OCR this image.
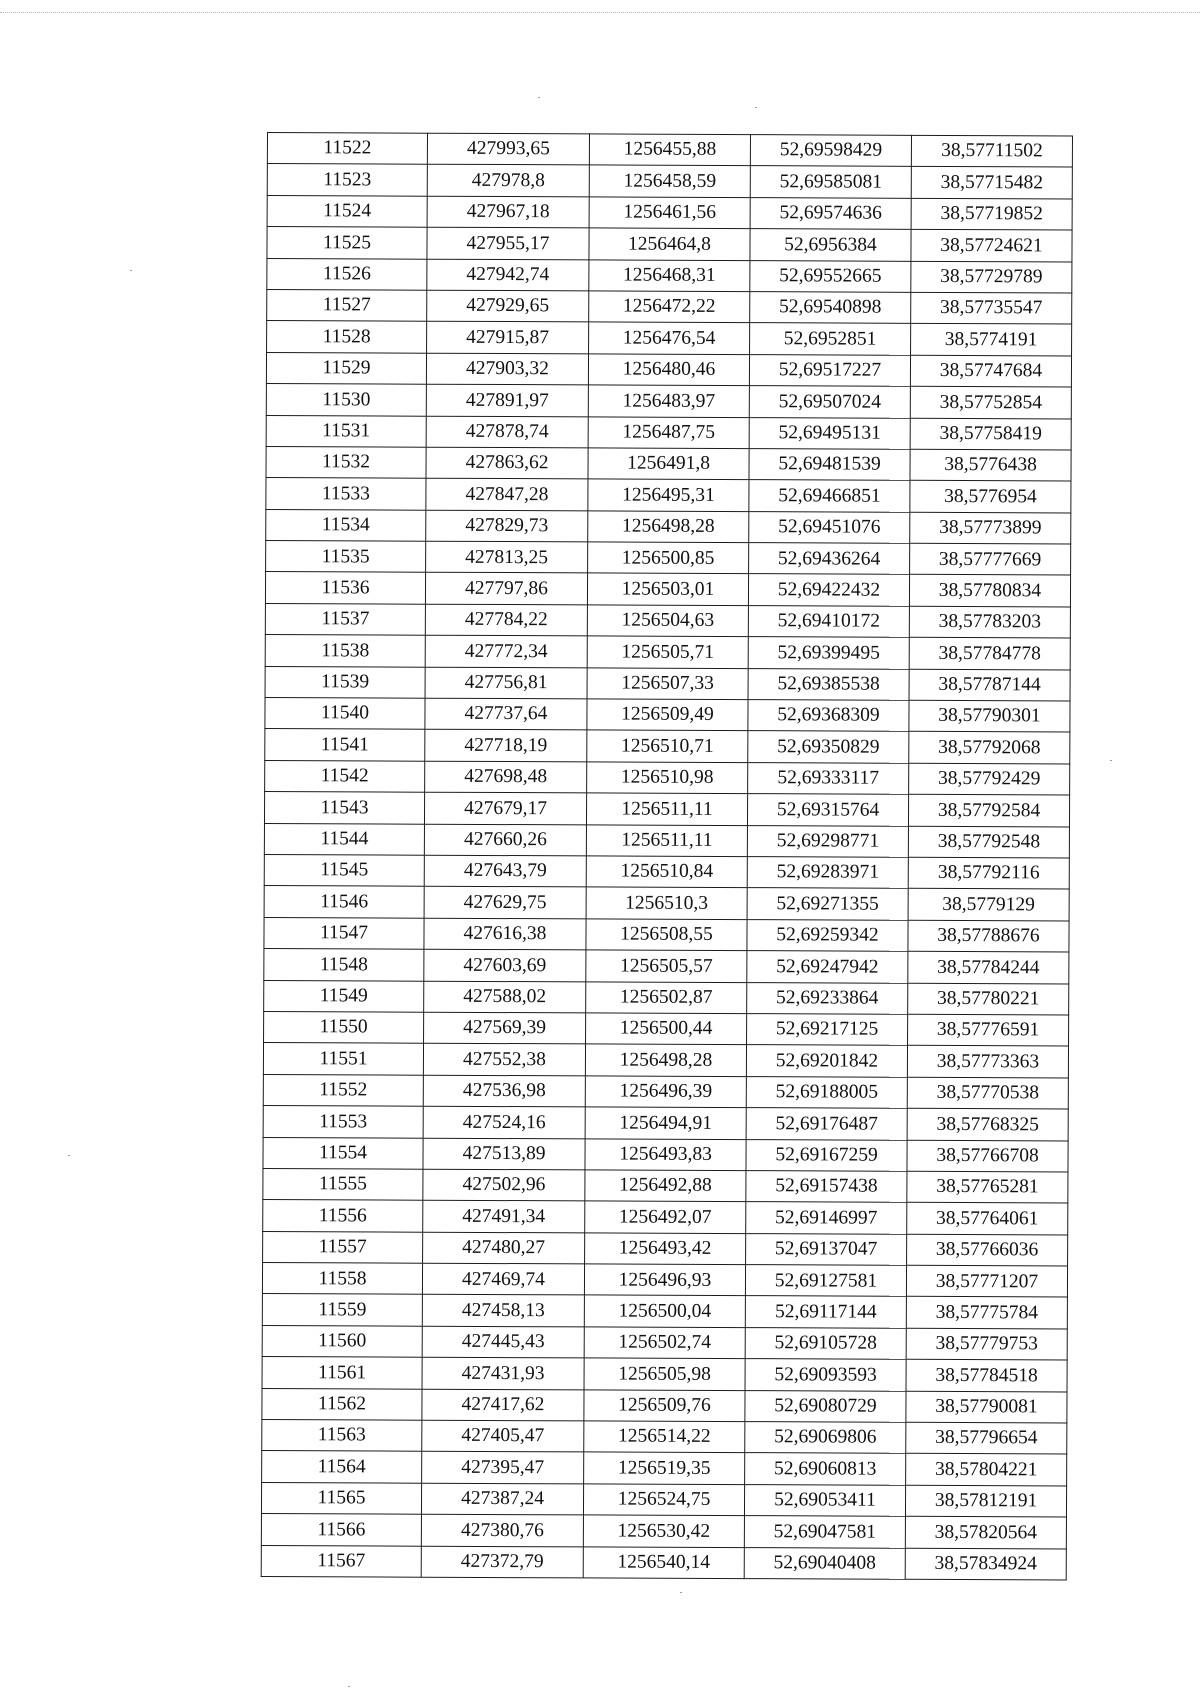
11522	427993,65	1256455,88	52,69598429	38,57711502
11523	427978,8	1256458,59	52,69585081	38,57715482
11524	427967,18	1256461,56	52,69574636	38,57719852
11525	427955,17	1256464,8	52,6956384	38,57724621
11526	427942,74	1256468,31	52,69552665	38,57729789
11527	427929,65	1256472,22	52,69540898	38,57735547
11528	427915,87	1256476,54	52,6952851	38,5774191
11529	427903,32	1256480,46	52,69517227	38,57747684
11530	427891,97	1256483,97	52,69507024	38,57752854
11531	427878,74	1256487,75	52,69495131	38,57758419
11532	427863,62	1256491,8	52,69481539	38,5776438
11533	427847,28	1256495,31	52,69466851	38,5776954
11534	427829,73	1256498,28	52,69451076	38,57773899
11535	427813,25	1256500,85	52,69436264	38,57777669
11536	427797,86	1256503,01	52,69422432	38,57780834
11537	427784,22	1256504,63	52,69410172	38,57783203
11538	427772,34	1256505,71	52,69399495	38,57784778
11539	427756,81	1256507,33	52,69385538	38,57787144
11540	427737,64	1256509,49	52,69368309	38,57790301
11541	427718,19	1256510,71	52,69350829	38,57792068
11542	427698,48	1256510,98	52,69333117	38,57792429
11543	427679,17	1256511,11	52,69315764	38,57792584
11544	427660,26	1256511,11	52,69298771	38,57792548
11545	427643,79	1256510,84	52,69283971	38,57792116
11546	427629,75	1256510,3	52,69271355	38,5779129
11547	427616,38	1256508,55	52,69259342	38,57788676
11548	427603,69	1256505,57	52,69247942	38,57784244
11549	427588,02	1256502,87	52,69233864	38,57780221
11550	427569,39	1256500,44	52,69217125	38,57776591
11551	427552,38	1256498,28	52,69201842	38,57773363
11552	427536,98	1256496,39	52,69188005	38,57770538
11553	427524,16	1256494,91	52,69176487	38,57768325
11554	427513,89	1256493,83	52,69167259	38,57766708
11555	427502,96	1256492,88	52,69157438	38,57765281
11556	427491,34	1256492,07	52,69146997	38,57764061
11557	427480,27	1256493,42	52,69137047	38,57766036
11558	427469,74	1256496,93	52,69127581	38,57771207
11559	427458,13	1256500,04	52,69117144	38,57775784
11560	427445,43	1256502,74	52,69105728	38,57779753
11561	427431,93	1256505,98	52,69093593	38,57784518
11562	427417,62	1256509,76	52,69080729	38,57790081
11563	427405,47	1256514,22	52,69069806	38,57796654
11564	427395,47	1256519,35	52,69060813	38,57804221
11565	427387,24	1256524,75	52,69053411	38,57812191
11566	427380,76	1256530,42	52,69047581	38,57820564
11567	427372,79	1256540,14	52,69040408	38,57834924
